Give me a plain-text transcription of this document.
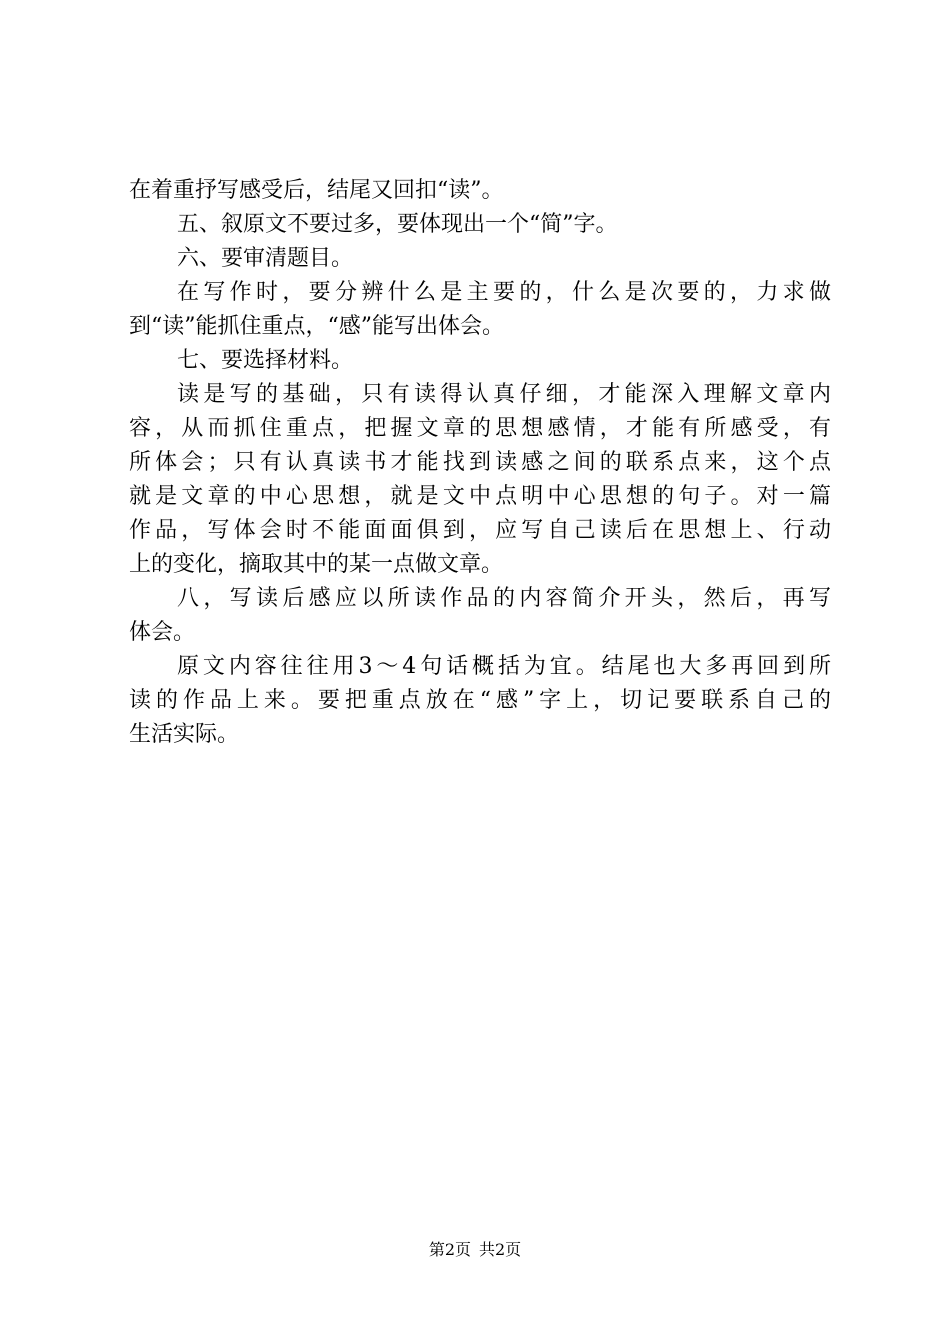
在着重抒写感受后，结尾又回扣“读”。
五、叙原文不要过多，要体现出一个“简”字。
六、要审清题目。
在写作时，要分辨什么是主要的，什么是次要的，力求做
到“读”能抓住重点，“感”能写出体会。
七、要选择材料。
读是写的基础，只有读得认真仔细，才能深入理解文章内
容，从而抓住重点，把握文章的思想感情，才能有所感受，有
所体会；只有认真读书才能找到读感之间的联系点来，这个点
就是文章的中心思想，就是文中点明中心思想的句子。对一篇
作品，写体会时不能面面俱到，应写自己读后在思想上、行动
上的变化，摘取其中的某一点做文章。
八，写读后感应以所读作品的内容简介开头，然后，再写
体会。
原文内容往往用3～4句话概括为宜。结尾也大多再回到所
读的作品上来。要把重点放在“感”字上，切记要联系自己的
生活实际。
第2页 共2页
